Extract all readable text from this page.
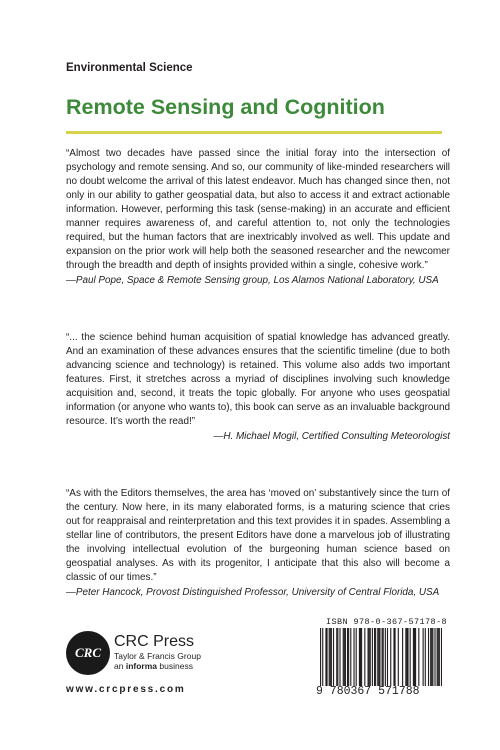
Environmental Science
Remote Sensing and Cognition

“Almost two decades have passed since the initial foray into the intersection of psychology and remote sensing. And so, our community of like-minded researchers will no doubt welcome the arrival of this latest endeavor. Much has changed since then, not only in our ability to gather geospatial data, but also to access it and extract actionable information. However, performing this task (sense-making) in an accurate and efficient manner requires awareness of, and careful attention to, not only the technologies required, but the human factors that are inextricably involved as well. This update and expansion on the prior work will help both the seasoned researcher and the newcomer through the breadth and depth of insights provided within a single, cohesive work.”

—Paul Pope, Space & Remote Sensing group, Los Alamos National Laboratory, USA

“... the science behind human acquisition of spatial knowledge has advanced greatly. And an examination of these advances ensures that the scientific timeline (due to both advancing science and technology) is retained. This volume also adds two important features. First, it stretches across a myriad of disciplines involving such knowledge acquisition and, second, it treats the topic globally. For anyone who uses geospatial information (or anyone who wants to), this book can serve as an invaluable background resource. It’s worth the read!”

—H. Michael Mogil, Certified Consulting Meteorologist

“As with the Editors themselves, the area has ‘moved on’ substantively since the turn of the century. Now here, in its many elaborated forms, is a maturing science that cries out for reappraisal and reinterpretation and this text provides it in spades. Assembling a stellar line of contributors, the present Editors have done a marvelous job of illustrating the involving intellectual evolution of the burgeoning human science based on geospatial analyses. As with its progenitor, I anticipate that this also will become a classic of our times.”

—Peter Hancock, Provost Distinguished Professor, University of Central Florida, USA
CRC
CRC Press
Taylor & Francis Group
an informa business
www.crcpress.com
ISBN 978-0-367-57178-8
9 780367 571788
